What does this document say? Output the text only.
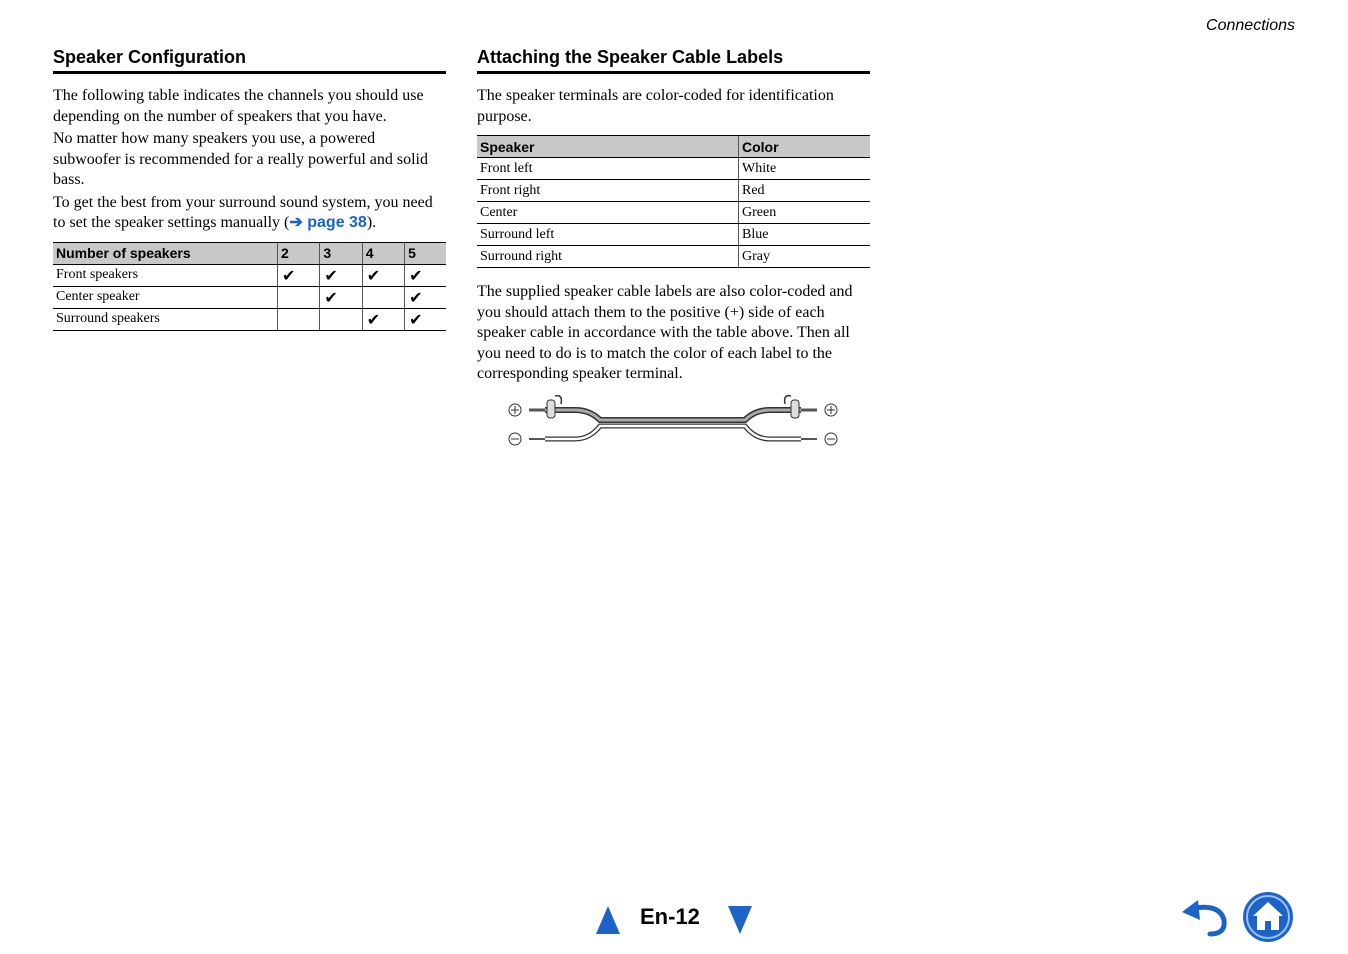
Connections
Speaker Configuration

The following table indicates the channels you should use depending on the number of speakers that you have.

No matter how many speakers you use, a powered subwoofer is recommended for a really powerful and solid bass.

To get the best from your surround sound system, you need to set the speaker settings manually (➔ page 38).

Number of speakers	2	3	4	5
Front speakers	✔	✔	✔	✔
Center speaker		✔		✔
Surround speakers			✔	✔
Attaching the Speaker Cable Labels

The speaker terminals are color-coded for identification purpose.

Speaker	Color
Front left	White
Front right	Red
Center	Green
Surround left	Blue
Surround right	Gray

The supplied speaker cable labels are also color-coded and you should attach them to the positive (+) side of each speaker cable in accordance with the table above. Then all you need to do is to match the color of each label to the corresponding speaker terminal.

En-12
